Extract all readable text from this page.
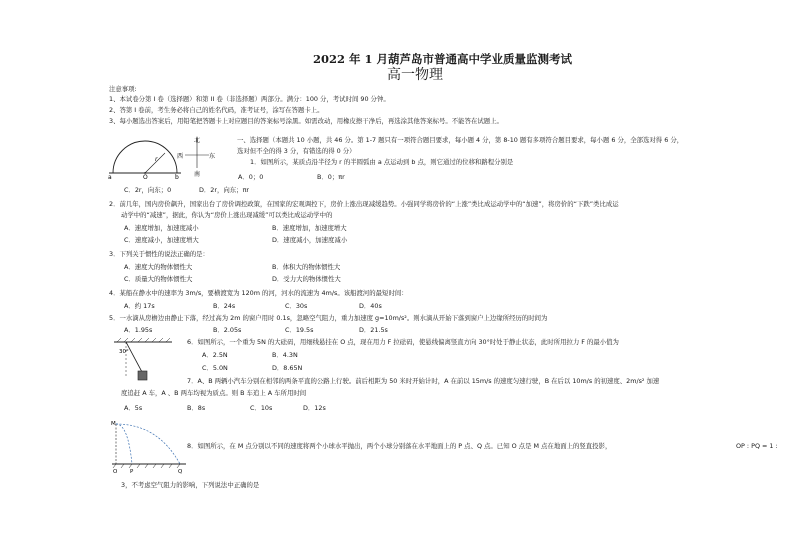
2022 年 1 月葫芦岛市普通高中学业质量监测考试
高一物理
注意事项:
1、本试卷分第 I 卷（选择题）和第 II 卷（非选择题）两部分。满分：100 分，考试时间 90 分钟。
2、答第 I 卷前，考生务必将自己的姓名代码，准考证号，涂写在答题卡上。
3、每小题选出答案后，用铅笔把答题卡上对应题目的答案标号涂黑。如需改动，用橡皮擦干净后，再选涂其他答案标号。不能答在试题上。
a	b
O
r
北
南
西	东
一、选择题（本题共 10 小题，共 46 分。第 1-7 题只有一项符合题目要求，每小题 4 分，第 8-10 题有多项符合题目要求，每小题 6 分，全部选对得 6 分，
选对但不全的得 3 分，有错选的得 0 分）
1．如图所示，某质点沿半径为 r 的半圆弧由 a 点运动到 b 点，则它通过的位移和路程分别是
A．0；0	B．0；πr
C．2r，向东；0	D．2r，向东；πr
2．前几年，国内房价飙升，国家出台了房价调控政策，在国家的宏观调控下，房价上涨出现减缓趋势。小强同学将房价的“上涨”类比成运动学中的“加速”，将房价的“下跌”类比成运
动学中的“减速”，据此，你认为“房价上涨出现减缓”可以类比成运动学中的
A．速度增加，加速度减小	B．速度增加，加速度增大
C．速度减小，加速度增大	D．速度减小，加速度减小
3．下列关于惯性的说法正确的是：
A．速度大的物体惯性大	B．体积大的物体惯性大
C．质量大的物体惯性大	D．受力大的物体惯性大
4．某船在静水中的速率为 3m/s，要横渡宽为 120m 的河，河水的流速为 4m/s。该船渡河的最短时间：
A．约 17s	B．24s	C．30s	D．40s
5．一水滴从房檐边由静止下落，经过高为 2m 的窗户用时 0.1s，忽略空气阻力，重力加速度 g=10m/s²。则水滴从开始下落到窗户上边缘所经历的时间为
A．1.95s	B．2.05s	C．19.5s	D．21.5s
30°
6．如图所示，一个重为 5N 的大砝码，用细线悬挂在 O 点，现在用力 F 拉砝码，使悬线偏离竖直方向 30°时处于静止状态，此时所用拉力 F 的最小值为
A．2.5N	B．4.3N
C．5.0N	D．8.65N
7．A、B 两辆小汽车分别在相邻的两条平直的公路上行驶。前后相距为 50 米时开始计时，A 在前以 15m/s 的速度匀速行驶，B 在后以 10m/s 的初速度、2m/s² 加速
度追赶 A 车，A 、B 两车均视为质点。则 B 车追上 A 车所用时间
A．5s	B．8s	C．10s	D．12s
M
O P	Q
8．如图所示，在 M 点分别以不同的速度将两个小球水平抛出，两个小球分别落在水平地面上的 P 点、Q 点。已知 O 点是 M 点在地面上的竖直投影，	OP : PQ = 1 :
3，不考虑空气阻力的影响，下列说法中正确的是
